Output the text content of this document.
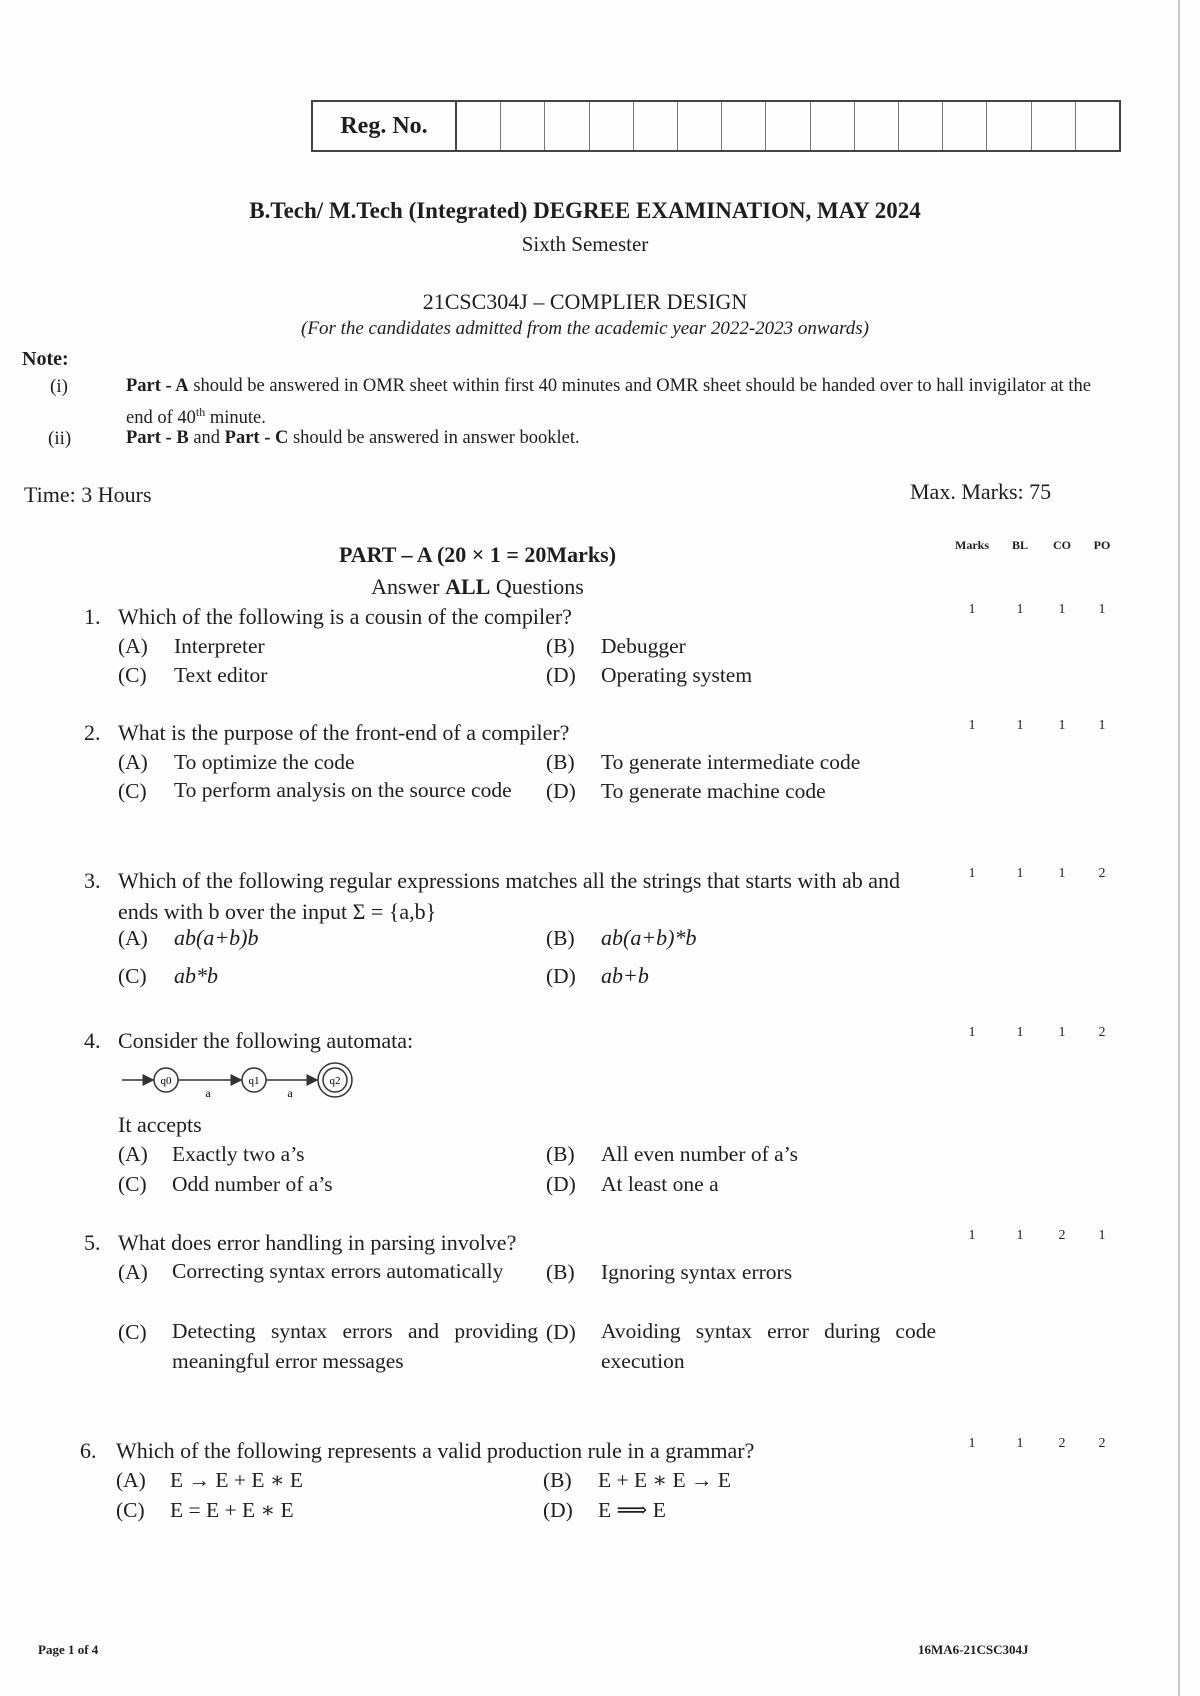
Reg. No.
B.Tech/ M.Tech (Integrated) DEGREE EXAMINATION, MAY 2024
Sixth Semester
21CSC304J – COMPLIER DESIGN
(For the candidates admitted from the academic year 2022-2023 onwards)
Note:
(i)	Part - A should be answered in OMR sheet within first 40 minutes and OMR sheet should be handed over to hall invigilator at the end of 40th minute.
(ii)	Part - B and Part - C should be answered in answer booklet.
Time: 3 Hours	Max. Marks: 75
PART – A (20 × 1 = 20Marks)
Answer ALL Questions
Marks	BL	CO	PO
1. Which of the following is a cousin of the compiler?
(A) Interpreter	(B) Debugger
(C) Text editor	(D) Operating system
1	1	1	1
2. What is the purpose of the front-end of a compiler?
(A) To optimize the code	(B) To generate intermediate code
(C) To perform analysis on the source code	(D) To generate machine code
1	1	1	1
3. Which of the following regular expressions matches all the strings that starts with ab and ends with b over the input Σ = {a,b}
(A) ab(a+b)b	(B) ab(a+b)*b
(C) ab*b	(D) ab+b
1	1	1	2
4. Consider the following automata:
q0
a
q1
a
q2
It accepts
(A) Exactly two a’s	(B) All even number of a’s
(C) Odd number of a’s	(D) At least one a
1	1	1	2
5. What does error handling in parsing involve?
(A) Correcting syntax errors automatically	(B) Ignoring syntax errors
(C) Detecting syntax errors and providing meaningful error messages
(D) Avoiding syntax error during code execution
1	1	2	1
6. Which of the following represents a valid production rule in a grammar?
(A) E → E + E ∗ E	(B) E + E ∗ E → E
(C) E = E + E ∗ E	(D) E ⟹ E
1	1	2	2
Page 1 of 4	16MA6-21CSC304J
